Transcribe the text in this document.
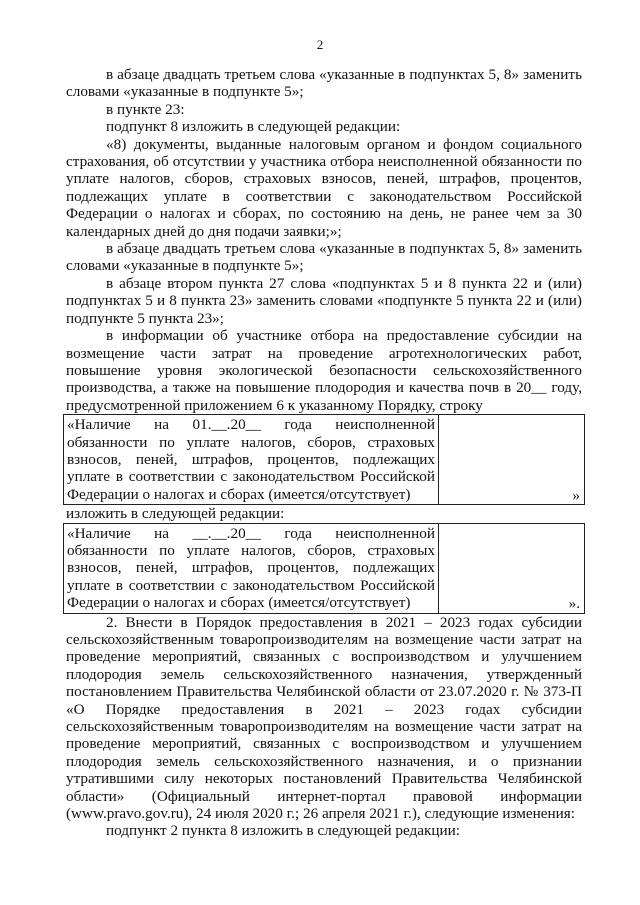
2

в абзаце двадцать третьем слова «указанные в подпунктах 5, 8» заменить словами «указанные в подпункте 5»;

в пункте 23:

подпункт 8 изложить в следующей редакции:

«8) документы, выданные налоговым органом и фондом социального страхования, об отсутствии у участника отбора неисполненной обязанности по уплате налогов, сборов, страховых взносов, пеней, штрафов, процентов, подлежащих уплате в соответствии с законодательством Российской Федерации о налогах и сборах, по состоянию на день, не ранее чем за 30 календарных дней до дня подачи заявки;»;

в абзаце двадцать третьем слова «указанные в подпунктах 5, 8» заменить словами «указанные в подпункте 5»;

в абзаце втором пункта 27 слова «подпунктах 5 и 8 пункта 22 и (или) подпунктах 5 и 8 пункта 23» заменить словами «подпункте 5 пункта 22 и (или) подпункте 5 пункта 23»;

в информации об участнике отбора на предоставление субсидии на возмещение части затрат на проведение агротехнологических работ, повышение уровня экологической безопасности сельскохозяйственного производства, а также на повышение плодородия и качества почв в 20__ году, предусмотренной приложением 6 к указанному Порядку, строку

«Наличие на 01.__.20__ года неисполненной обязанности по уплате налогов, сборов, страховых взносов, пеней, штрафов, процентов, подлежащих уплате в соответствии с законодательством Российской Федерации о налогах и сборах (имеется/отсутствует)	»

изложить в следующей редакции:

«Наличие на __.__.20__ года неисполненной обязанности по уплате налогов, сборов, страховых взносов, пеней, штрафов, процентов, подлежащих уплате в соответствии с законодательством Российской Федерации о налогах и сборах (имеется/отсутствует)	».

2. Внести в Порядок предоставления в 2021 – 2023 годах субсидии сельскохозяйственным товаропроизводителям на возмещение части затрат на проведение мероприятий, связанных с воспроизводством и улучшением плодородия земель сельскохозяйственного назначения, утвержденный постановлением Правительства Челябинской области от 23.07.2020 г. № 373-П «О Порядке предоставления в 2021 – 2023 годах субсидии сельскохозяйственным товаропроизводителям на возмещение части затрат на проведение мероприятий, связанных с воспроизводством и улучшением плодородия земель сельскохозяйственного назначения, и о признании утратившими силу некоторых постановлений Правительства Челябинской области» (Официальный интернет-портал правовой информации (www.pravo.gov.ru), 24 июля 2020 г.; 26 апреля 2021 г.), следующие изменения:

подпункт 2 пункта 8 изложить в следующей редакции:
